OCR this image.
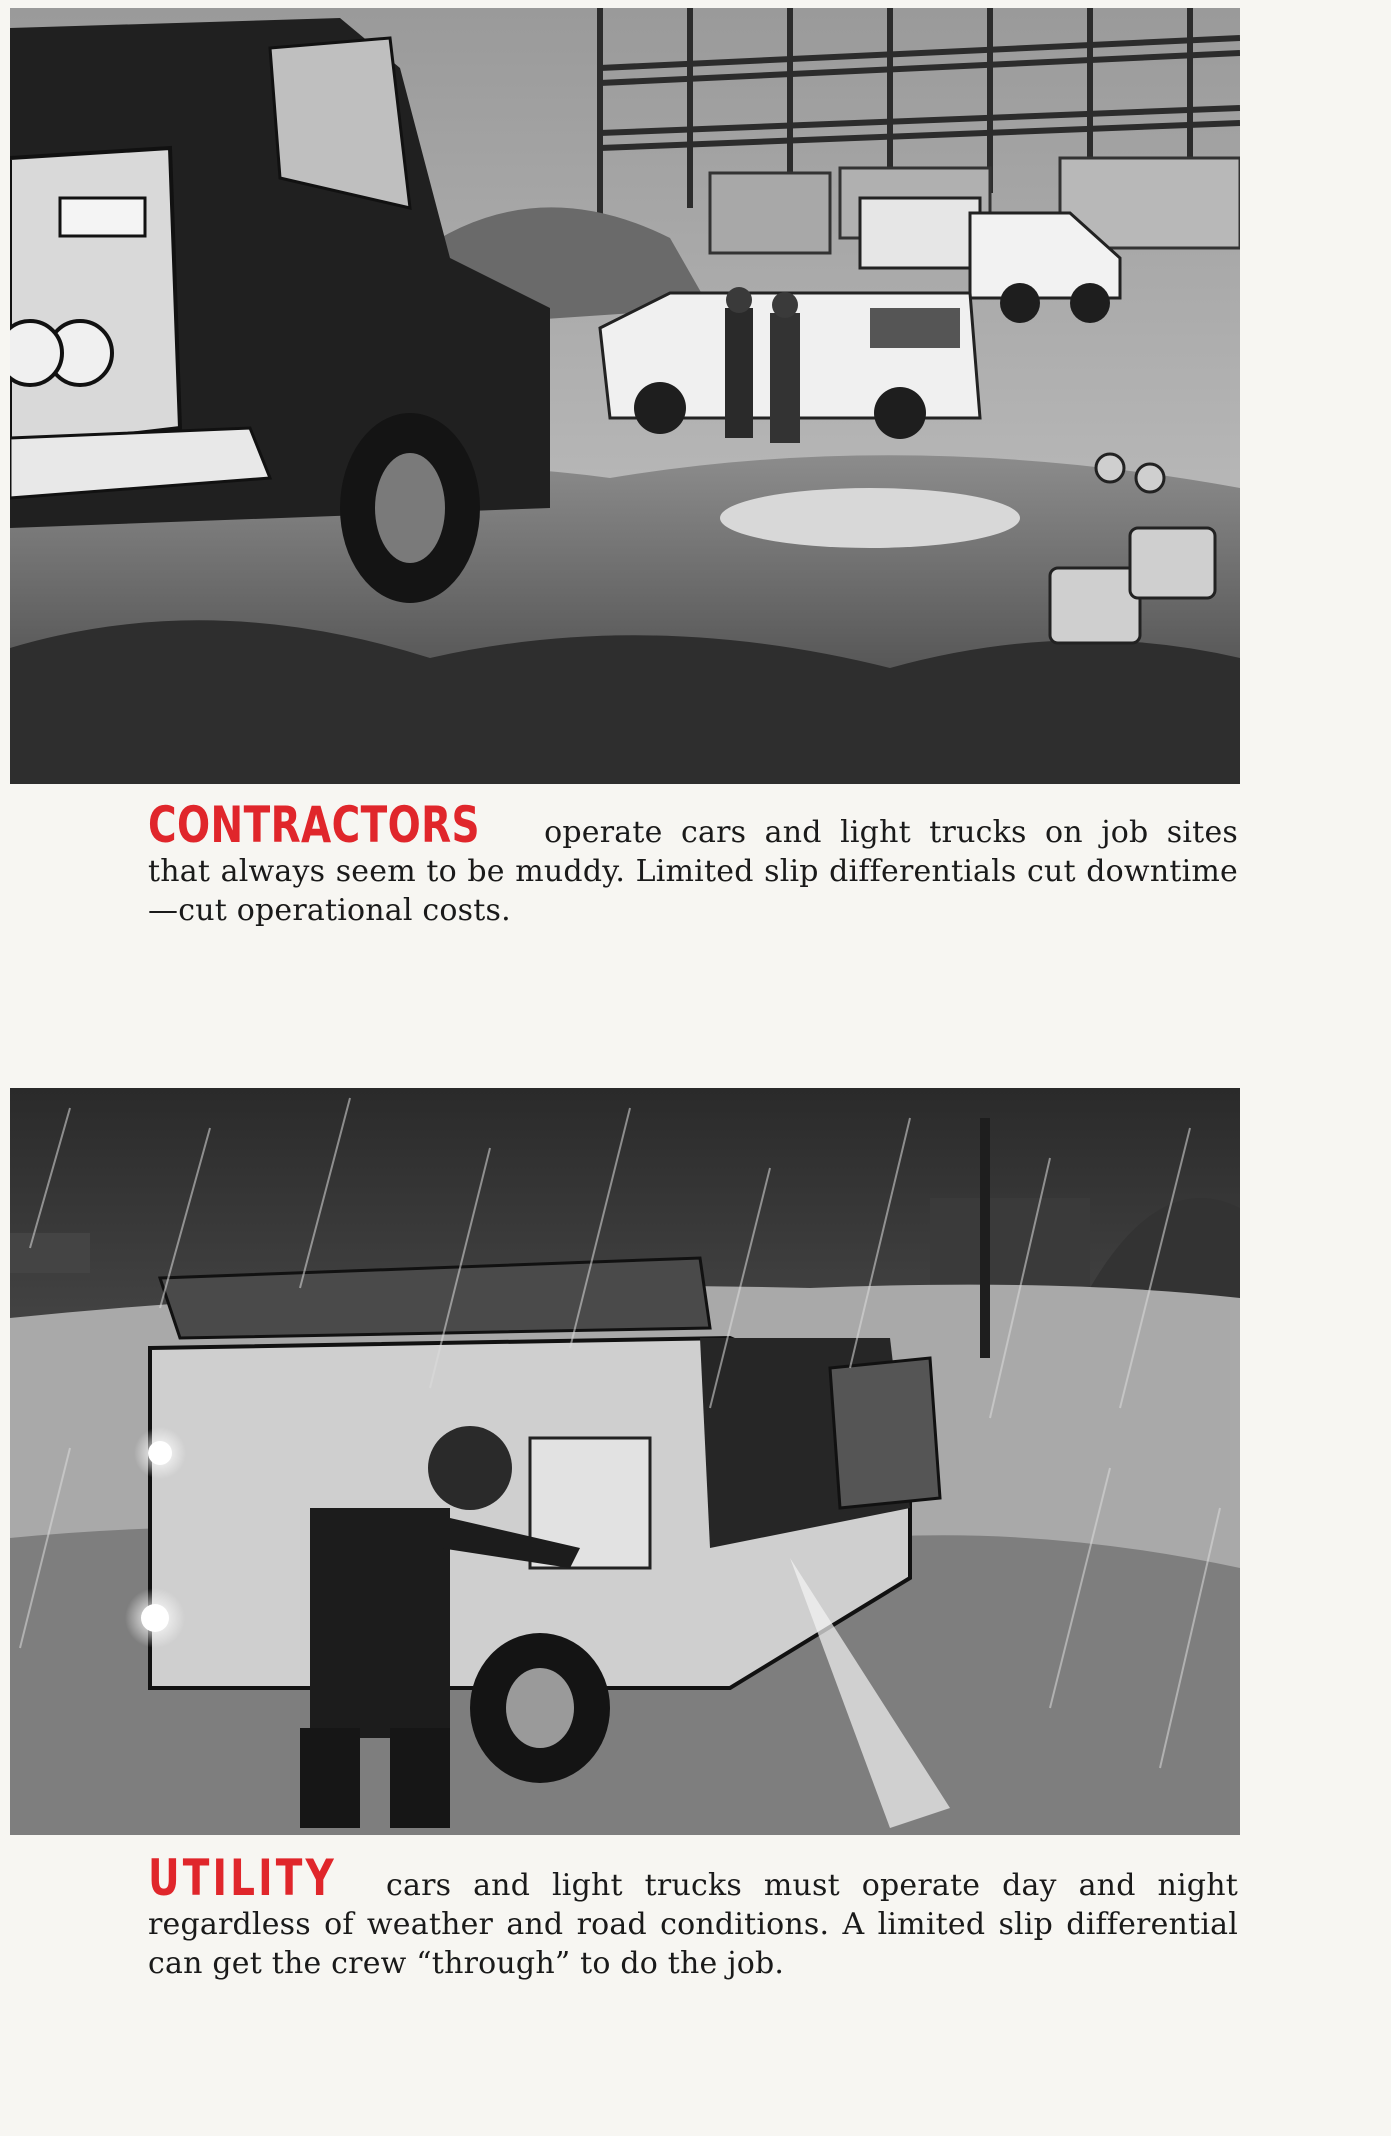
CONTRACTORS operate cars and light trucks on job sites that always seem to be muddy. Limited slip differentials cut downtime—cut operational costs.
UTILITY cars and light trucks must operate day and night regardless of weather and road conditions. A limited slip differential can get the crew “through” to do the job.
